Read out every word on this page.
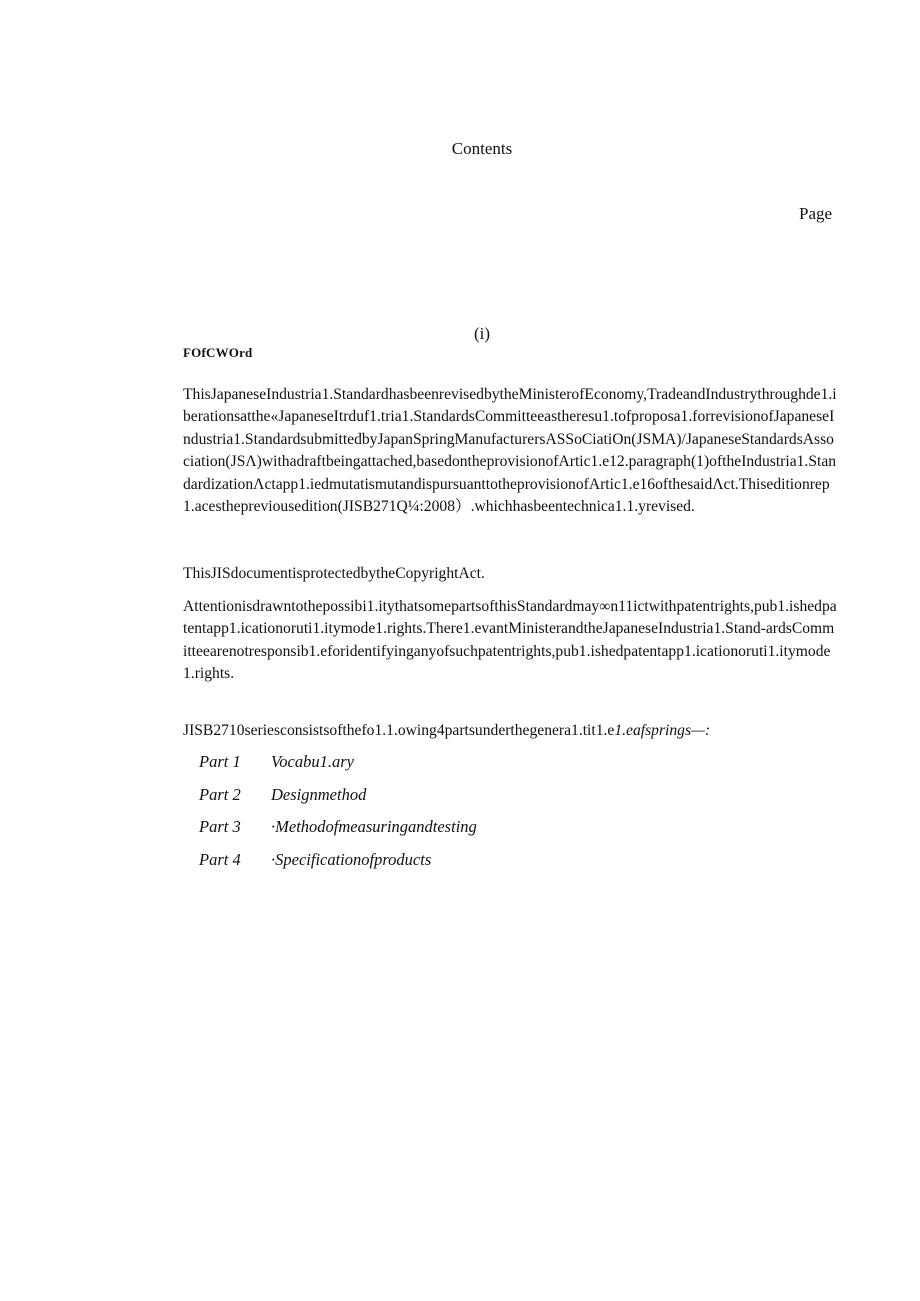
Contents
Page
(i)
FOfCWOrd

ThisJapaneseIndustria1.StandardhasbeenrevisedbytheMinisterofEconomy,TradeandIndustrythroughde1.iberationsatthe«JapaneseItrduf1.tria1.StandardsCommitteeastheresu1.tofproposa1.forrevisionofJapaneseIndustria1.StandardsubmittedbyJapanSpringManufacturersASSoCiatiOn(JSMA)/JapaneseStandardsAssociation(JSΛ)withadraftbeingattached,basedontheprovisionofArtic1.e12.paragraph(1)oftheIndustria1.StandardizationΛctapp1.iedmutatismutandispursuanttotheprovisionofArtic1.e16ofthesaidΛct.Thiseditionrep1.acesthepreviousedition(JISB271Q¼:2008）.whichhasbeentechnica1.1.yrevised.

ThisJISdocumentisprotectedbytheCopyrightAct.

Attentionisdrawntothepossibi1.itythatsomepartsofthisStandardmay∞n11ictwithpatentrights,pub1.ishedpatentapp1.icationoruti1.itymode1.rights.There1.evantMinisterandtheJapaneseIndustria1.Stand-ardsCommitteearenotresponsib1.eforidentifyinganyofsuchpatentrights,pub1.ishedpatentapp1.icationoruti1.itymode1.rights.

JISB2710seriesconsistsofthefo1.1.owing4partsunderthegenera1.tit1.e1.eafsprings—:

Part 1 Vocabu1.ary
Part 2 Designmethod
Part 3 ·Methodofmeasuringandtesting
Part 4 ·Specificationofproducts
